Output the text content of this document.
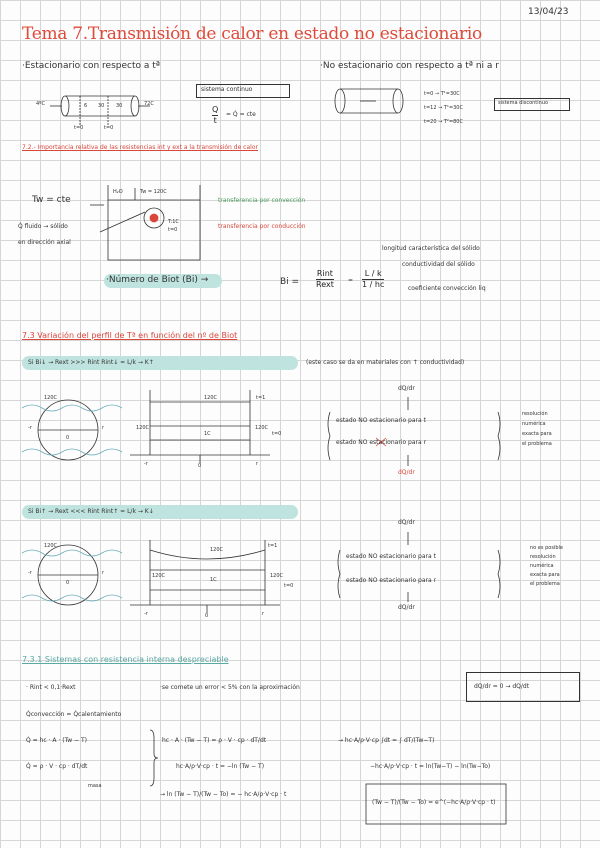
13/04/23
Tema 7.Transmisión de calor en estado no estacionario
·Estacionario con respecto a tª	·No estacionario con respecto a tª ni a r
4ºC	72C
6 30 30
t=0	t=0
sistema continuo
Q
t
= Q̇ = cte
t=0 → T¹=30C
t=12 → T¹=30C
t=20 → T²=80C
sistema discontinuo
7.2.- Importancia relativa de las resistencias int y ext a la transmisión de calor
Tw = cte
Q̇ fluido → sólido
en dirección axial
H₂O	Tw = 120C
T:1C
t=0
transferencia por convección
transferencia por conducción
longitud característica del sólido
conductividad del sólido
coeficiente convección liq
·Número de Biot (Bi) →	Bi =
Rint
Rext =
L / k
1 / hc
7.3 Variación del perfil de Tª en función del nº de Biot
Si Bi↓ → Rext >>> Rint Rint↓ = L/k → K↑	(este caso se da en materiales con ↑ conductividad)
120C
-r	r
0
120C
120C
1C
120C
t=1
t=0
-r	0	r
dQ/dr
estado NO estacionario para t
estado NO estacionario para r
dQ/dr
resolución
numérica
exacta para
el problema
Si Bi↑ → Rext <<< Rint Rint↑ = L/k → K↓
120C
-r	r
0
120C
120C
1C
120C
t=1
t=0
-r	0	r
dQ/dr
estado NO estacionario para t
estado NO estacionario para r
dQ/dr
no es posible
resolución
numérica
exacta para
el problema
7.3.1 Sistemas con resistencia interna despreciable
· Rint < 0,1·Rext	·se comete un error < 5% con la aproximación	dQ/dr = 0 → dQ/dt
Q̇convección = Q̇calentamiento
Q̇ = hc · A · (Tw − T)
Q̇ = ρ · V · cp · dT/dt
masa
hc · A · (Tw − T) = ρ · V · cp · dT/dt	→ hc·A/ρ·V·cp ∫dt = ∫ dT/(Tw−T)
hc·A/ρ·V·cp · t = −ln (Tw − T)	−hc·A/ρ·V·cp · t = ln(Tw−T) − ln(Tw−To)
→ ln (Tw − T)/(Tw − To) = − hc·A/ρ·V·cp · t
(Tw − T)/(Tw − To) = e^(−hc·A/ρ·V·cp · t)
